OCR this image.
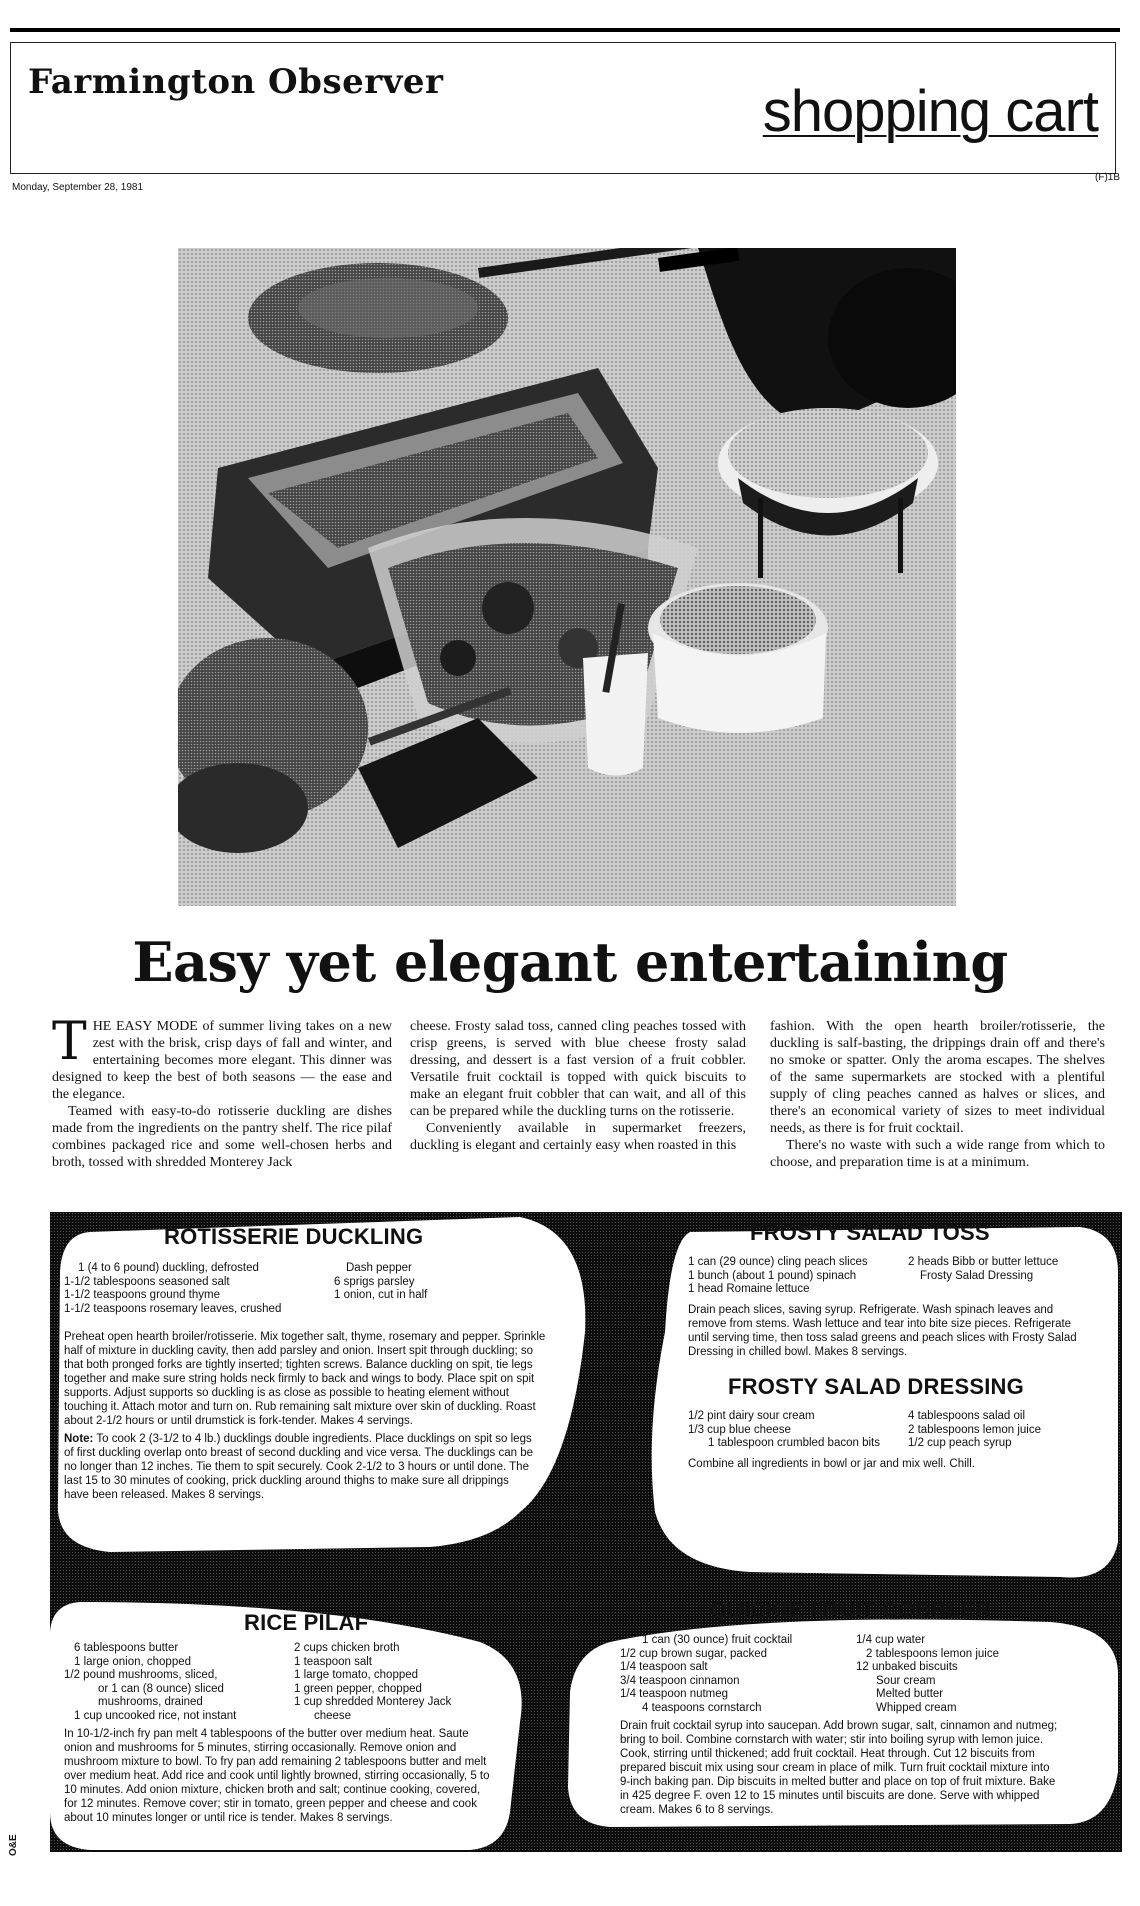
Farmington Observer	shopping cart
Monday, September 28, 1981
(F)1B
Easy yet elegant entertaining

THE EASY MODE of summer living takes on a new zest with the brisk, crisp days of fall and winter, and entertaining becomes more elegant. This dinner was designed to keep the best of both seasons — the ease and the elegance.

Teamed with easy-to-do rotisserie duckling are dishes made from the ingredients on the pantry shelf. The rice pilaf combines packaged rice and some well-chosen herbs and broth, tossed with shredded Monterey Jack

cheese. Frosty salad toss, canned cling peaches tossed with crisp greens, is served with blue cheese frosty salad dressing, and dessert is a fast version of a fruit cobbler. Versatile fruit cocktail is topped with quick biscuits to make an elegant fruit cobbler that can wait, and all of this can be prepared while the duckling turns on the rotisserie.

Conveniently available in supermarket freezers, duckling is elegant and certainly easy when roasted in this

fashion. With the open hearth broiler/rotisserie, the duckling is salf-basting, the drippings drain off and there's no smoke or spatter. Only the aroma escapes. The shelves of the same supermarkets are stocked with a plentiful supply of cling peaches canned as halves or slices, and there's an economical variety of sizes to meet individual needs, as there is for fruit cocktail.

There's no waste with such a wide range from which to choose, and preparation time is at a minimum.

ROTISSERIE DUCKLING
1 (4 to 6 pound) duckling, defrosted
1-1/2 tablespoons seasoned salt
1-1/2 teaspoons ground thyme
1-1/2 teaspoons rosemary leaves, crushed
Dash pepper
6 sprigs parsley
1 onion, cut in half
Preheat open hearth broiler/rotisserie. Mix together salt, thyme, rosemary and pepper. Sprinkle half of mixture in duckling cavity, then add parsley and onion. Insert spit through duckling; so that both pronged forks are tightly inserted; tighten screws. Balance duckling on spit, tie legs together and make sure string holds neck firmly to back and wings to body. Place spit on spit supports. Adjust supports so duckling is as close as possible to heating element without touching it. Attach motor and turn on. Rub remaining salt mixture over skin of duckling. Roast about 2-1/2 hours or until drumstick is fork-tender. Makes 4 servings.
Note: To cook 2 (3-1/2 to 4 lb.) ducklings double ingredients. Place ducklings on spit so legs of first duckling overlap onto breast of second duckling and vice versa. The ducklings can be no longer than 12 inches. Tie them to spit securely. Cook 2-1/2 to 3 hours or until done. The last 15 to 30 minutes of cooking, prick duckling around thighs to make sure all drippings have been released. Makes 8 servings.
FROSTY SALAD TOSS
1 can (29 ounce) cling peach slices
1 bunch (about 1 pound) spinach
1 head Romaine lettuce
2 heads Bibb or butter lettuce
Frosty Salad Dressing
Drain peach slices, saving syrup. Refrigerate. Wash spinach leaves and remove from stems. Wash lettuce and tear into bite size pieces. Refrigerate until serving time, then toss salad greens and peach slices with Frosty Salad Dressing in chilled bowl. Makes 8 servings.
FROSTY SALAD DRESSING
1/2 pint dairy sour cream
1/3 cup blue cheese
1 tablespoon crumbled bacon bits
4 tablespoons salad oil
2 tablespoons lemon juice
1/2 cup peach syrup
Combine all ingredients in bowl or jar and mix well. Chill.
RICE PILAF
6 tablespoons butter
1 large onion, chopped
1/2 pound mushrooms, sliced,
or 1 can (8 ounce) sliced
mushrooms, drained
1 cup uncooked rice, not instant
2 cups chicken broth
1 teaspoon salt
1 large tomato, chopped
1 green pepper, chopped
1 cup shredded Monterey Jack
cheese
In 10-1/2-inch fry pan melt 4 tablespoons of the butter over medium heat. Saute onion and mushrooms for 5 minutes, stirring occasionally. Remove onion and mushroom mixture to bowl. To fry pan add remaining 2 tablespoons butter and melt over medium heat. Add rice and cook until lightly browned, stirring occasionally, 5 to 10 minutes. Add onion mixture, chicken broth and salt; continue cooking, covered, for 12 minutes. Remove cover; stir in tomato, green pepper and cheese and cook about 10 minutes longer or until rice is tender. Makes 8 servings.
QUICKIE FRUIT COBBLER
1 can (30 ounce) fruit cocktail
1/2 cup brown sugar, packed
1/4 teaspoon salt
3/4 teaspoon cinnamon
1/4 teaspoon nutmeg
4 teaspoons cornstarch
1/4 cup water
2 tablespoons lemon juice
12 unbaked biscuits
Sour cream
Melted butter
Whipped cream
Drain fruit cocktail syrup into saucepan. Add brown sugar, salt, cinnamon and nutmeg; bring to boil. Combine cornstarch with water; stir into boiling syrup with lemon juice. Cook, stirring until thickened; add fruit cocktail. Heat through. Cut 12 biscuits from prepared biscuit mix using sour cream in place of milk. Turn fruit cocktail mixture into 9-inch baking pan. Dip biscuits in melted butter and place on top of fruit mixture. Bake in 425 degree F. oven 12 to 15 minutes until biscuits are done. Serve with whipped cream. Makes 6 to 8 servings.
O&E
